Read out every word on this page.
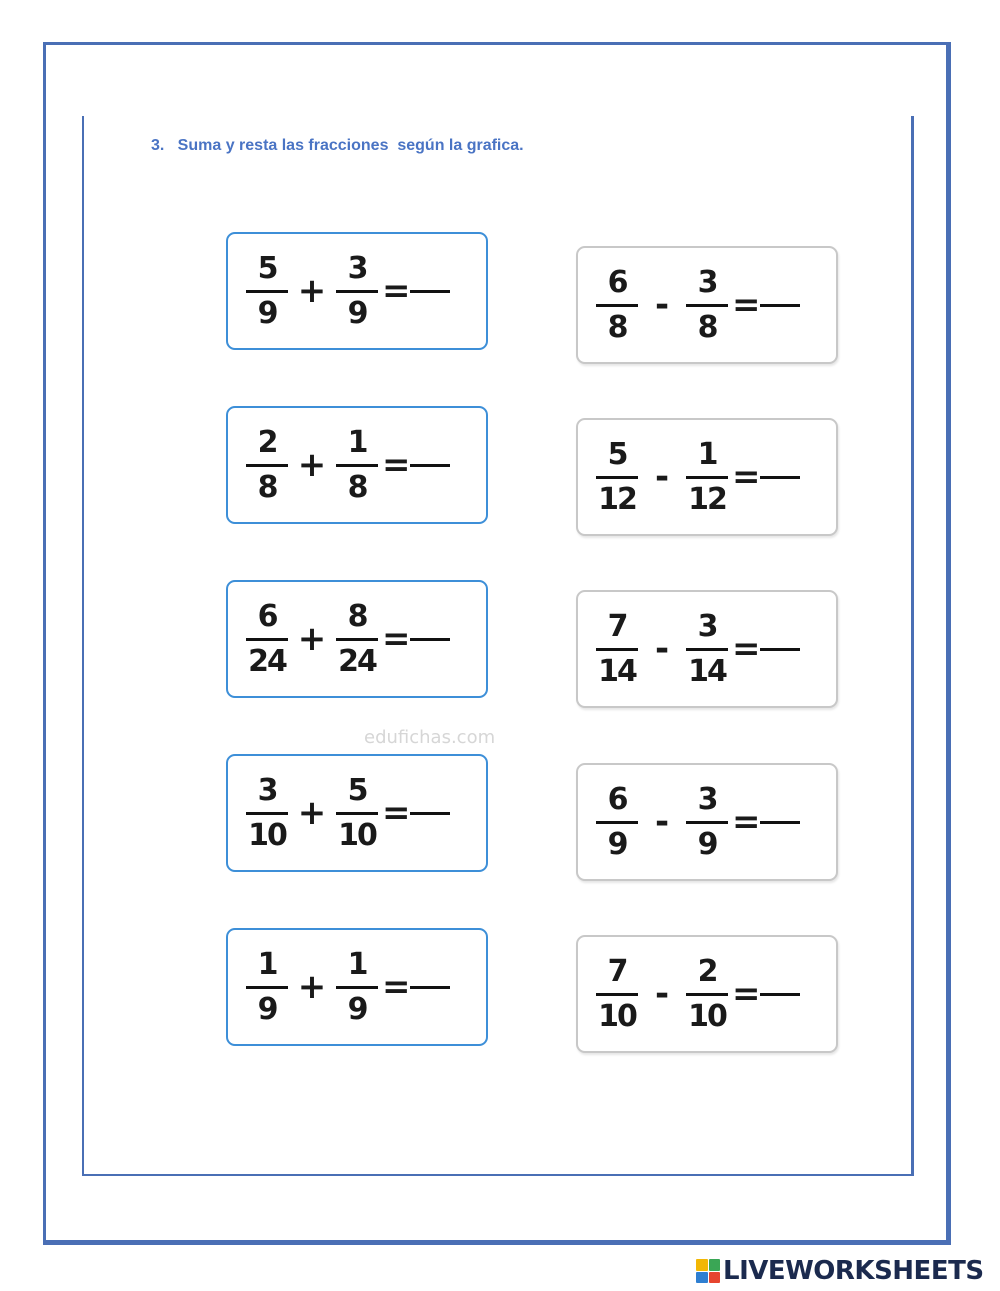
3.   Suma y resta las fracciones  según la grafica.
edufichas.com
$\frac{5}{9} + \frac{3}{9}$ =
$\frac{2}{8} + \frac{1}{8}$ =
$\frac{6}{24} + \frac{8}{24}$ =
$\frac{3}{10} + \frac{5}{10}$ =
$\frac{1}{9} + \frac{1}{9}$ =
$\frac{6}{8} - \frac{3}{8}$ =
$\frac{5}{12} - \frac{1}{12}$ =
$\frac{7}{14} - \frac{3}{14}$ =
$\frac{6}{9} - \frac{3}{9}$ =
$\frac{7}{10} - \frac{2}{10}$ =
LIVEWORKSHEETS
